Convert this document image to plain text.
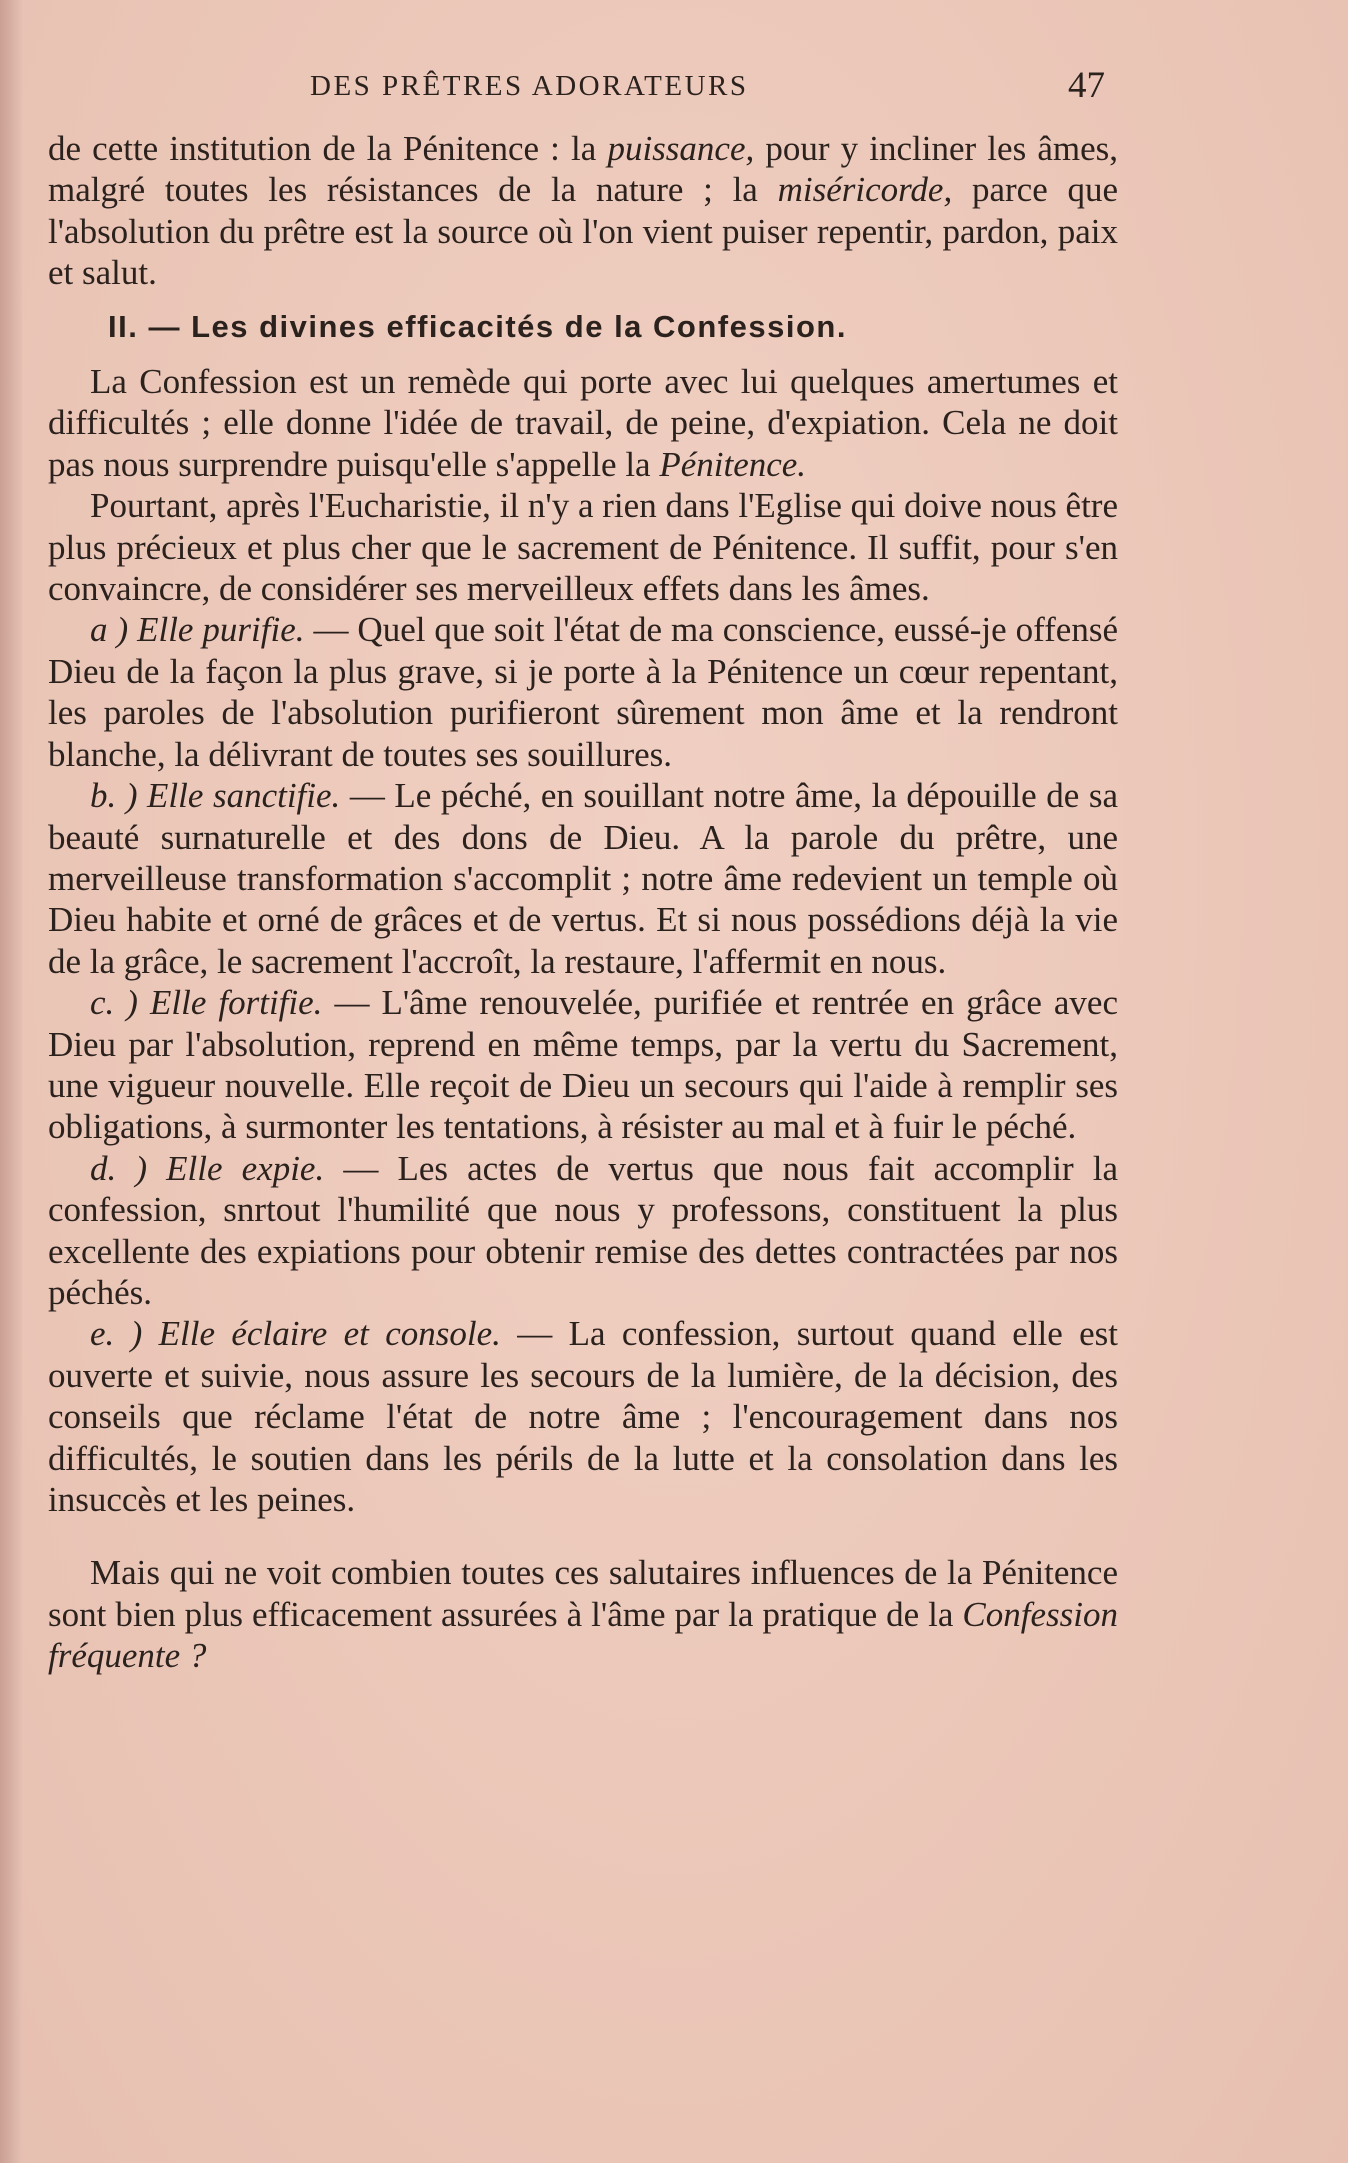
DES PRÊTRES ADORATEURS	47

de cette institution de la Pénitence : la puissance, pour y incliner les âmes, malgré toutes les résistances de la nature ; la miséricorde, parce que l'absolution du prêtre est la source où l'on vient puiser repentir, pardon, paix et salut.

II. — Les divines efficacités de la Confession.

La Confession est un remède qui porte avec lui quelques amertumes et difficultés ; elle donne l'idée de travail, de peine, d'expiation. Cela ne doit pas nous surprendre puisqu'elle s'appelle la Pénitence.

Pourtant, après l'Eucharistie, il n'y a rien dans l'Eglise qui doive nous être plus précieux et plus cher que le sacrement de Pénitence. Il suffit, pour s'en convaincre, de considérer ses merveilleux effets dans les âmes.

a ) Elle purifie. — Quel que soit l'état de ma conscience, eussé-je offensé Dieu de la façon la plus grave, si je porte à la Pénitence un cœur repentant, les paroles de l'absolution purifieront sûrement mon âme et la rendront blanche, la délivrant de toutes ses souillures.

b. ) Elle sanctifie. — Le péché, en souillant notre âme, la dépouille de sa beauté surnaturelle et des dons de Dieu. A la parole du prêtre, une merveilleuse transformation s'accomplit ; notre âme redevient un temple où Dieu habite et orné de grâces et de vertus. Et si nous possédions déjà la vie de la grâce, le sacrement l'accroît, la restaure, l'affermit en nous.

c. ) Elle fortifie. — L'âme renouvelée, purifiée et rentrée en grâce avec Dieu par l'absolution, reprend en même temps, par la vertu du Sacrement, une vigueur nouvelle. Elle reçoit de Dieu un secours qui l'aide à remplir ses obligations, à surmonter les tentations, à résister au mal et à fuir le péché.

d. ) Elle expie. — Les actes de vertus que nous fait accomplir la confession, snrtout l'humilité que nous y professons, constituent la plus excellente des expiations pour obtenir remise des dettes contractées par nos péchés.

e. ) Elle éclaire et console. — La confession, surtout quand elle est ouverte et suivie, nous assure les secours de la lumière, de la décision, des conseils que réclame l'état de notre âme ; l'encouragement dans nos difficultés, le soutien dans les périls de la lutte et la consolation dans les insuccès et les peines.

Mais qui ne voit combien toutes ces salutaires influences de la Pénitence sont bien plus efficacement assurées à l'âme par la pratique de la Confession fréquente ?
